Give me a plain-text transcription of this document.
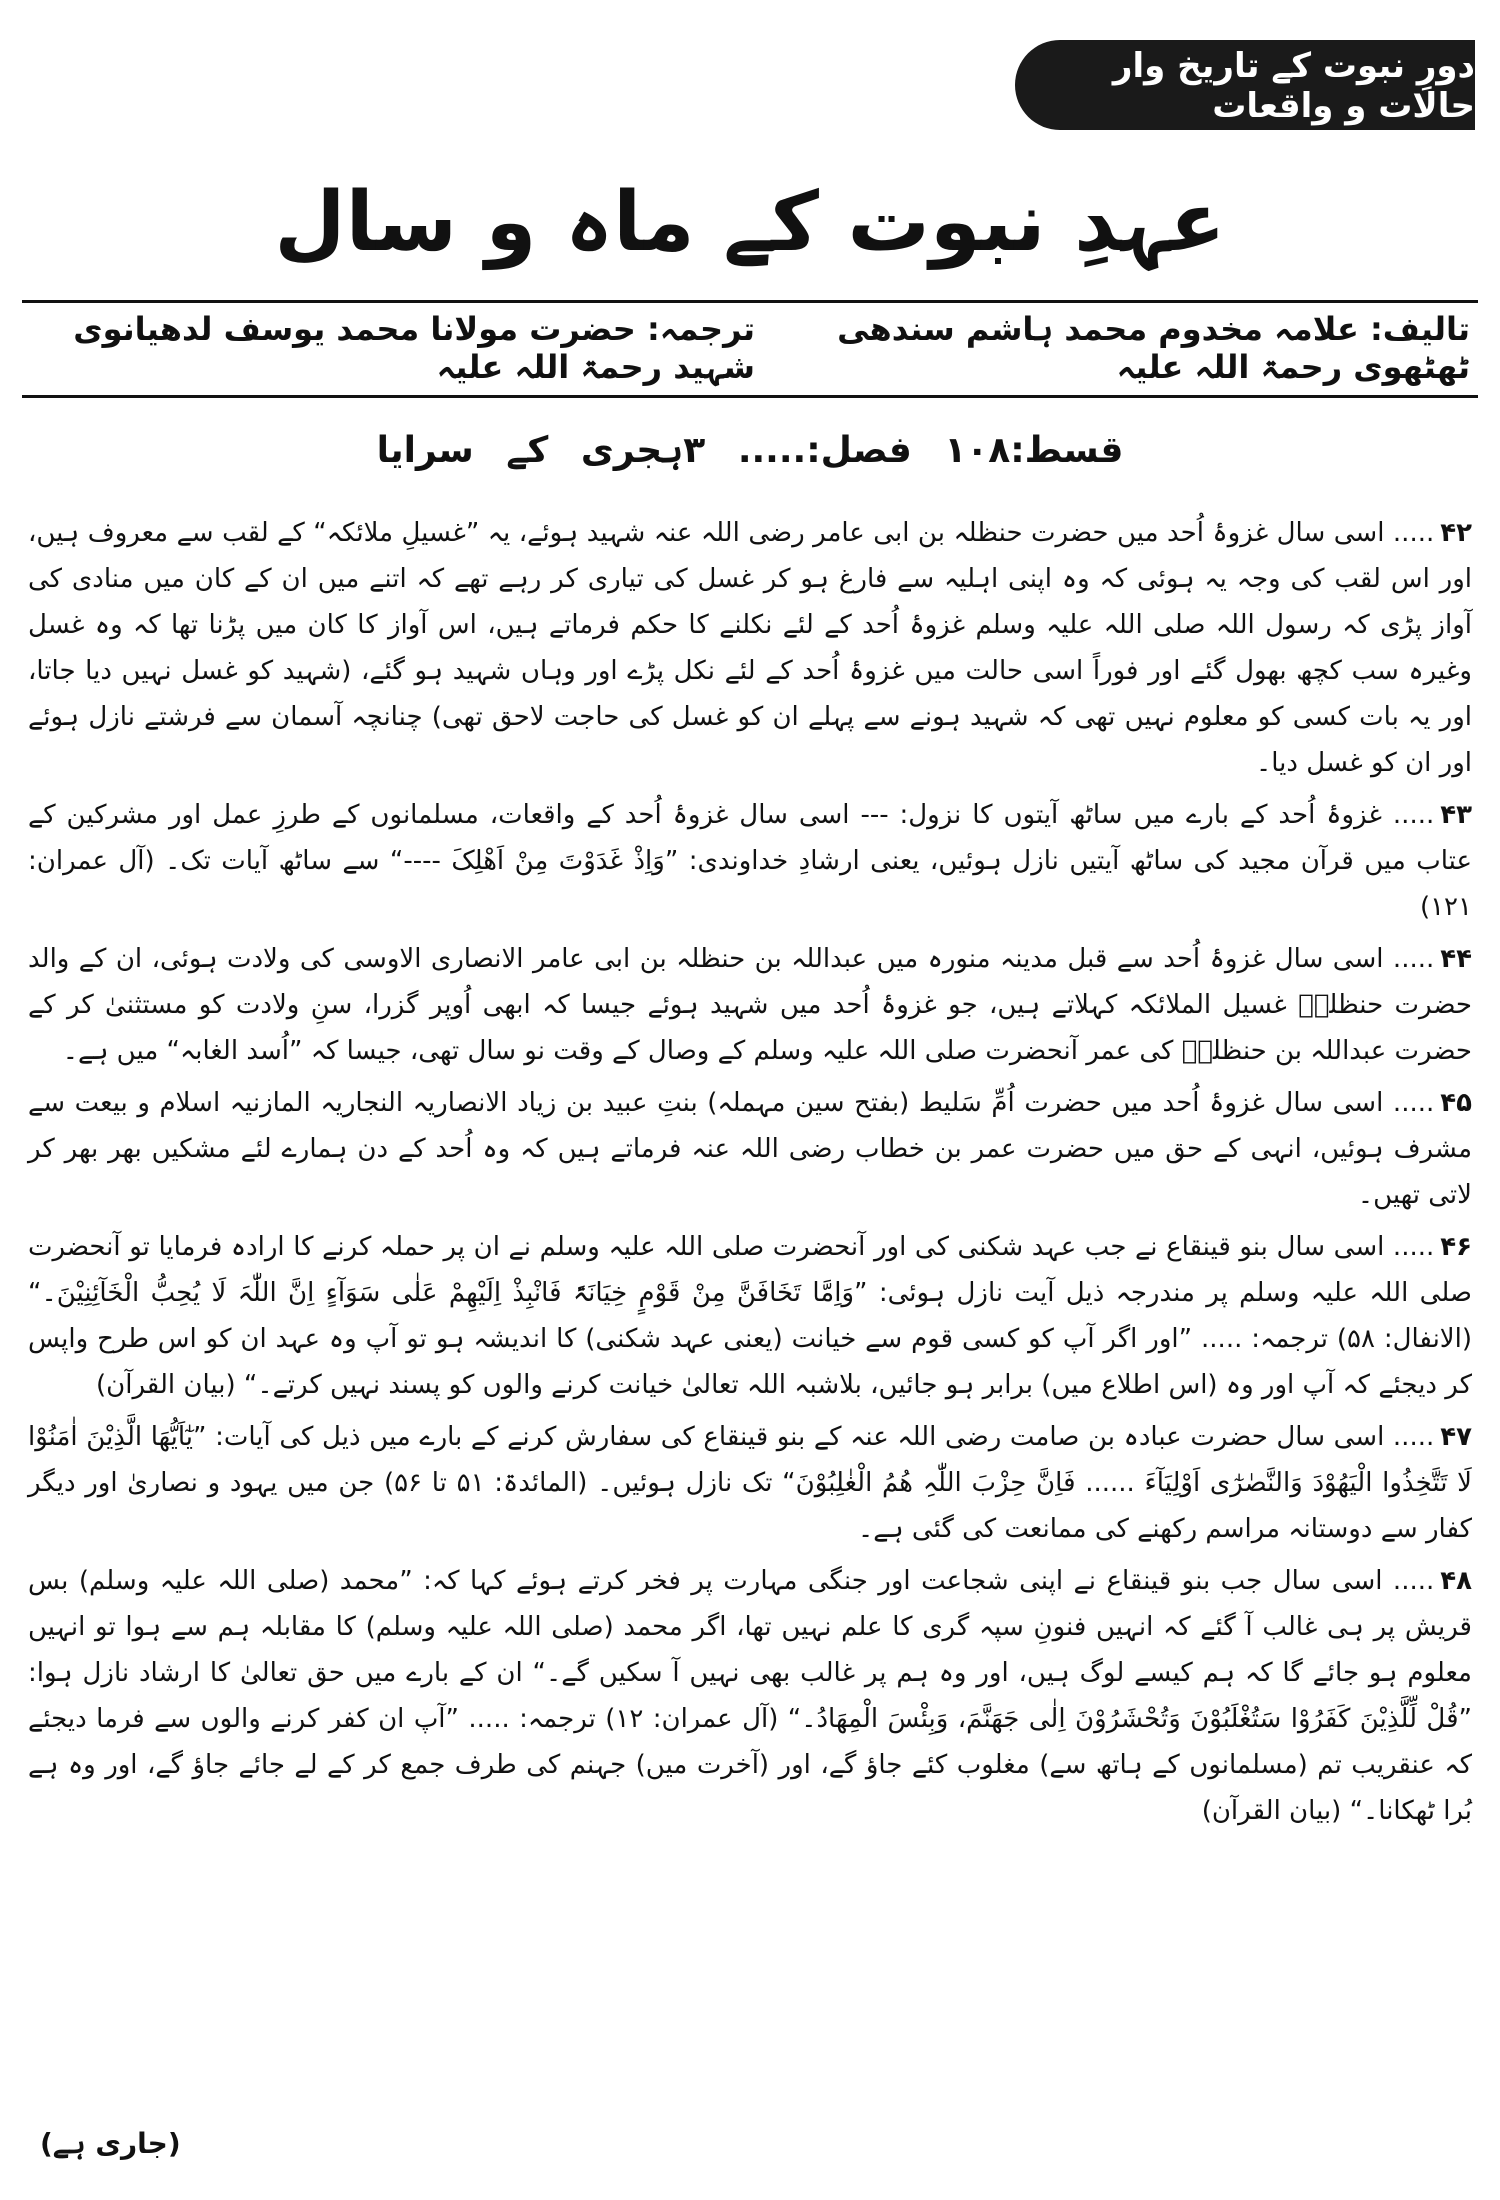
دورِ نبوت کے تاریخ وار حالات و واقعات
عہدِ نبوت کے ماہ و سال
تالیف: علامہ مخدوم محمد ہاشم سندھی ٹھٹھوی رحمۃ اللہ علیہ
ترجمہ: حضرت مولانا محمد یوسف لدھیانوی شہید رحمۃ اللہ علیہ
قسط:۱۰۸ فصل:..... ۳ہجری کے سرایا

۴۲..... اسی سال غزوۂ اُحد میں حضرت حنظلہ بن ابی عامر رضی اللہ عنہ شہید ہوئے، یہ ”غسیلِ ملائکہ“ کے لقب سے معروف ہیں، اور اس لقب کی وجہ یہ ہوئی کہ وہ اپنی اہلیہ سے فارغ ہو کر غسل کی تیاری کر رہے تھے کہ اتنے میں ان کے کان میں منادی کی آواز پڑی کہ رسول اللہ صلی اللہ علیہ وسلم غزوۂ اُحد کے لئے نکلنے کا حکم فرماتے ہیں، اس آواز کا کان میں پڑنا تھا کہ وہ غسل وغیرہ سب کچھ بھول گئے اور فوراً اسی حالت میں غزوۂ اُحد کے لئے نکل پڑے اور وہاں شہید ہو گئے، (شہید کو غسل نہیں دیا جاتا، اور یہ بات کسی کو معلوم نہیں تھی کہ شہید ہونے سے پہلے ان کو غسل کی حاجت لاحق تھی) چنانچہ آسمان سے فرشتے نازل ہوئے اور ان کو غسل دیا۔

۴۳..... غزوۂ اُحد کے بارے میں ساٹھ آیتوں کا نزول: --- اسی سال غزوۂ اُحد کے واقعات، مسلمانوں کے طرزِ عمل اور مشرکین کے عتاب میں قرآن مجید کی ساٹھ آیتیں نازل ہوئیں، یعنی ارشادِ خداوندی: ”وَاِذْ غَدَوْتَ مِنْ اَھْلِکَ ----“ سے ساٹھ آیات تک۔ (آل عمران: ۱۲۱)

۴۴..... اسی سال غزوۂ اُحد سے قبل مدینہ منورہ میں عبداللہ بن حنظلہ بن ابی عامر الانصاری الاوسی کی ولادت ہوئی، ان کے والد حضرت حنظلہؓ غسیل الملائکہ کہلاتے ہیں، جو غزوۂ اُحد میں شہید ہوئے جیسا کہ ابھی اُوپر گزرا، سنِ ولادت کو مستثنیٰ کر کے حضرت عبداللہ بن حنظلہؓ کی عمر آنحضرت صلی اللہ علیہ وسلم کے وصال کے وقت نو سال تھی، جیسا کہ ”اُسد الغابہ“ میں ہے۔

۴۵..... اسی سال غزوۂ اُحد میں حضرت اُمِّ سَلیط (بفتح سین مہملہ) بنتِ عبید بن زیاد الانصاریہ النجاریہ المازنیہ اسلام و بیعت سے مشرف ہوئیں، انہی کے حق میں حضرت عمر بن خطاب رضی اللہ عنہ فرماتے ہیں کہ وہ اُحد کے دن ہمارے لئے مشکیں بھر بھر کر لاتی تھیں۔

۴۶..... اسی سال بنو قینقاع نے جب عہد شکنی کی اور آنحضرت صلی اللہ علیہ وسلم نے ان پر حملہ کرنے کا ارادہ فرمایا تو آنحضرت صلی اللہ علیہ وسلم پر مندرجہ ذیل آیت نازل ہوئی: ”وَاِمَّا تَخَافَنَّ مِنْ قَوْمٍ خِیَانَۃً فَانْبِذْ اِلَیْھِمْ عَلٰی سَوَآءٍ اِنَّ اللّٰہَ لَا یُحِبُّ الْخَآئِنِیْنَ۔“ (الانفال: ۵۸) ترجمہ: ..... ”اور اگر آپ کو کسی قوم سے خیانت (یعنی عہد شکنی) کا اندیشہ ہو تو آپ وہ عہد ان کو اس طرح واپس کر دیجئے کہ آپ اور وہ (اس اطلاع میں) برابر ہو جائیں، بلاشبہ اللہ تعالیٰ خیانت کرنے والوں کو پسند نہیں کرتے۔“ (بیان القرآن)

۴۷..... اسی سال حضرت عبادہ بن صامت رضی اللہ عنہ کے بنو قینقاع کی سفارش کرنے کے بارے میں ذیل کی آیات: ”یٰٓاَیُّھَا الَّذِیْنَ اٰمَنُوْا لَا تَتَّخِذُوا الْیَھُوْدَ وَالنَّصٰرٰٓی اَوْلِیَآءَ ...... فَاِنَّ حِزْبَ اللّٰہِ ھُمُ الْغٰلِبُوْنَ“ تک نازل ہوئیں۔ (المائدۃ: ۵۱ تا ۵۶) جن میں یہود و نصاریٰ اور دیگر کفار سے دوستانہ مراسم رکھنے کی ممانعت کی گئی ہے۔

۴۸..... اسی سال جب بنو قینقاع نے اپنی شجاعت اور جنگی مہارت پر فخر کرتے ہوئے کہا کہ: ”محمد (صلی اللہ علیہ وسلم) بس قریش پر ہی غالب آ گئے کہ انہیں فنونِ سپہ گری کا علم نہیں تھا، اگر محمد (صلی اللہ علیہ وسلم) کا مقابلہ ہم سے ہوا تو انہیں معلوم ہو جائے گا کہ ہم کیسے لوگ ہیں، اور وہ ہم پر غالب بھی نہیں آ سکیں گے۔“ ان کے بارے میں حق تعالیٰ کا ارشاد نازل ہوا: ”قُلْ لِّلَّذِیْنَ کَفَرُوْا سَتُغْلَبُوْنَ وَتُحْشَرُوْنَ اِلٰی جَھَنَّمَ، وَبِئْسَ الْمِھَادُ۔“ (آل عمران: ۱۲) ترجمہ: ..... ”آپ ان کفر کرنے والوں سے فرما دیجئے کہ عنقریب تم (مسلمانوں کے ہاتھ سے) مغلوب کئے جاؤ گے، اور (آخرت میں) جہنم کی طرف جمع کر کے لے جائے جاؤ گے، اور وہ ہے بُرا ٹھکانا۔“ (بیان القرآن)

(جاری ہے)
